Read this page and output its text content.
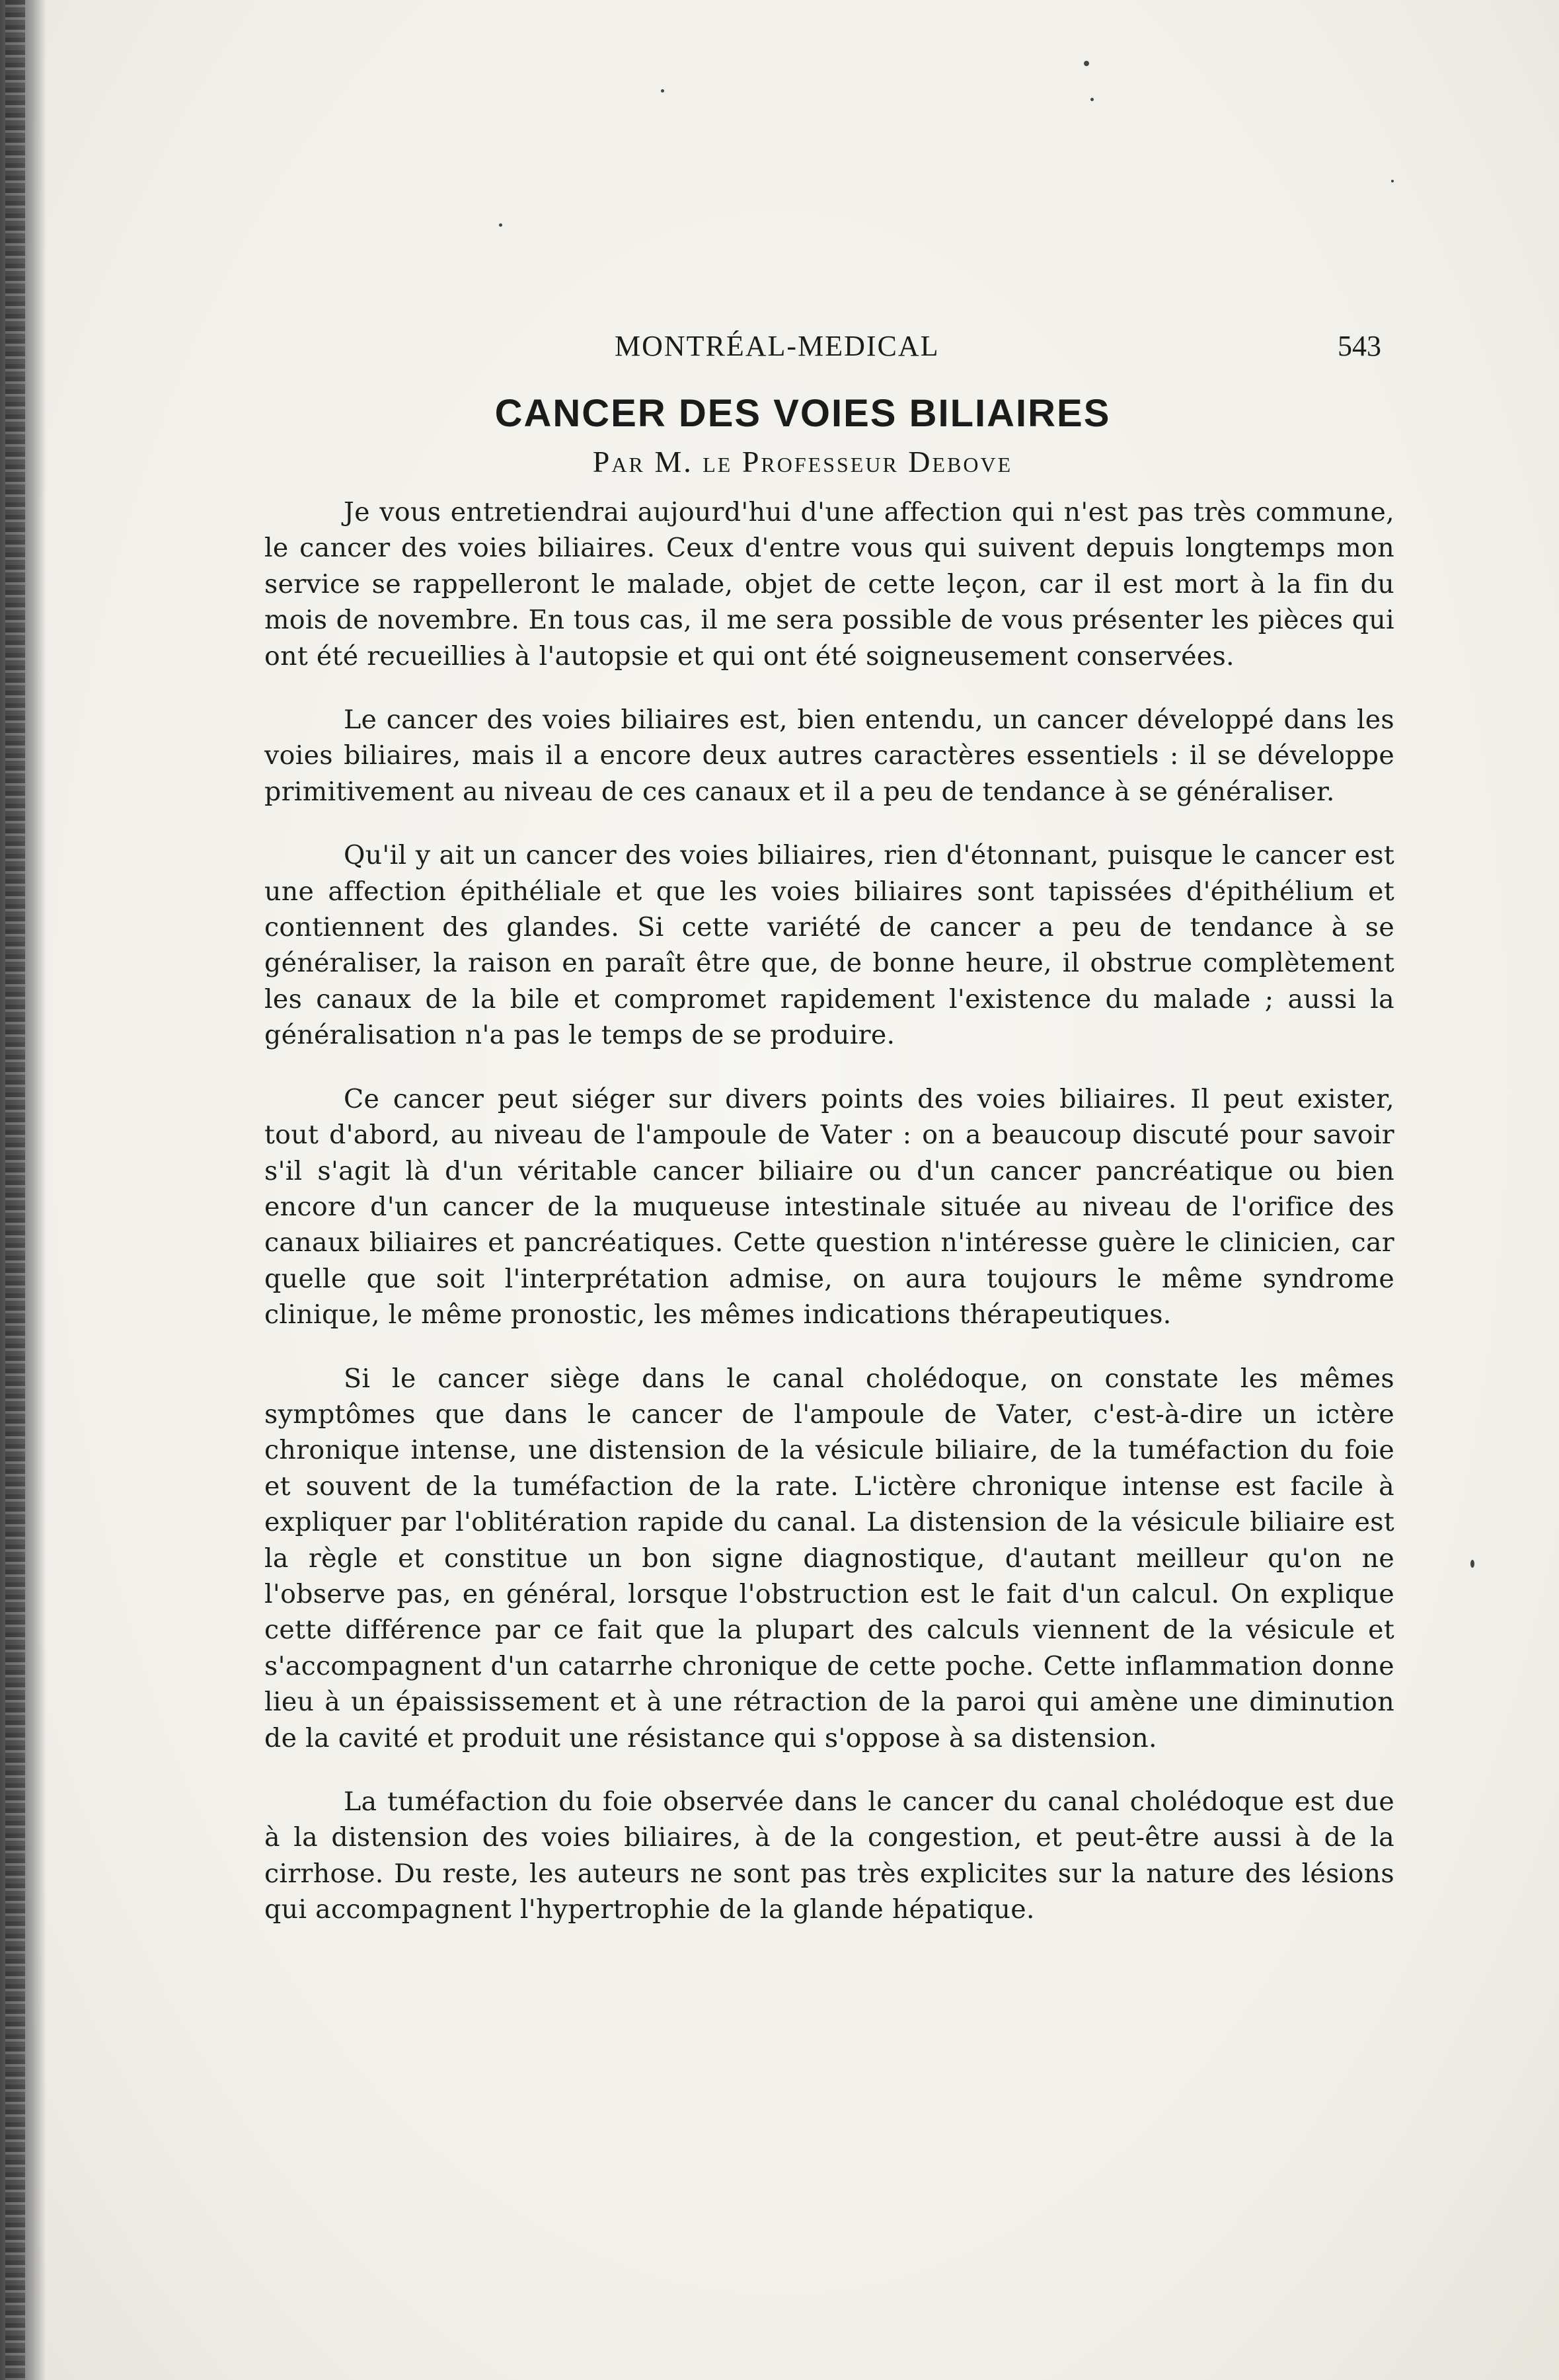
MONTRÉAL-MEDICAL	543
CANCER DES VOIES BILIAIRES
Par M. le Professeur Debove

Je vous entretiendrai aujourd'hui d'une affection qui n'est pas très commune, le cancer des voies biliaires. Ceux d'entre vous qui suivent depuis longtemps mon service se rappelleront le malade, objet de cette leçon, car il est mort à la fin du mois de novembre. En tous cas, il me sera possible de vous présenter les pièces qui ont été recueillies à l'autopsie et qui ont été soigneusement conservées.

Le cancer des voies biliaires est, bien entendu, un cancer développé dans les voies biliaires, mais il a encore deux autres caractères essentiels : il se développe primitivement au niveau de ces canaux et il a peu de tendance à se généraliser.

Qu'il y ait un cancer des voies biliaires, rien d'étonnant, puisque le cancer est une affection épithéliale et que les voies biliaires sont tapissées d'épithélium et contiennent des glandes. Si cette variété de cancer a peu de tendance à se généraliser, la raison en paraît être que, de bonne heure, il obstrue complètement les canaux de la bile et compromet rapidement l'existence du malade ; aussi la généralisation n'a pas le temps de se produire.

Ce cancer peut siéger sur divers points des voies biliaires. Il peut exister, tout d'abord, au niveau de l'ampoule de Vater : on a beaucoup discuté pour savoir s'il s'agit là d'un véritable cancer biliaire ou d'un cancer pancréatique ou bien encore d'un cancer de la muqueuse intestinale située au niveau de l'orifice des canaux biliaires et pancréatiques. Cette question n'intéresse guère le clinicien, car quelle que soit l'interprétation admise, on aura toujours le même syndrome clinique, le même pronostic, les mêmes indications thérapeutiques.

Si le cancer siège dans le canal cholédoque, on constate les mêmes symptômes que dans le cancer de l'ampoule de Vater, c'est-à-dire un ictère chronique intense, une distension de la vésicule biliaire, de la tuméfaction du foie et souvent de la tuméfaction de la rate. L'ictère chronique intense est facile à expliquer par l'oblitération rapide du canal. La distension de la vésicule biliaire est la règle et constitue un bon signe diagnostique, d'autant meilleur qu'on ne l'observe pas, en général, lorsque l'obstruction est le fait d'un calcul. On explique cette différence par ce fait que la plupart des calculs viennent de la vésicule et s'accompagnent d'un catarrhe chronique de cette poche. Cette inflammation donne lieu à un épaississement et à une rétraction de la paroi qui amène une diminution de la cavité et produit une résistance qui s'oppose à sa distension.

La tuméfaction du foie observée dans le cancer du canal cholédoque est due à la distension des voies biliaires, à de la congestion, et peut-être aussi à de la cirrhose. Du reste, les auteurs ne sont pas très explicites sur la nature des lésions qui accompagnent l'hypertrophie de la glande hépatique.
